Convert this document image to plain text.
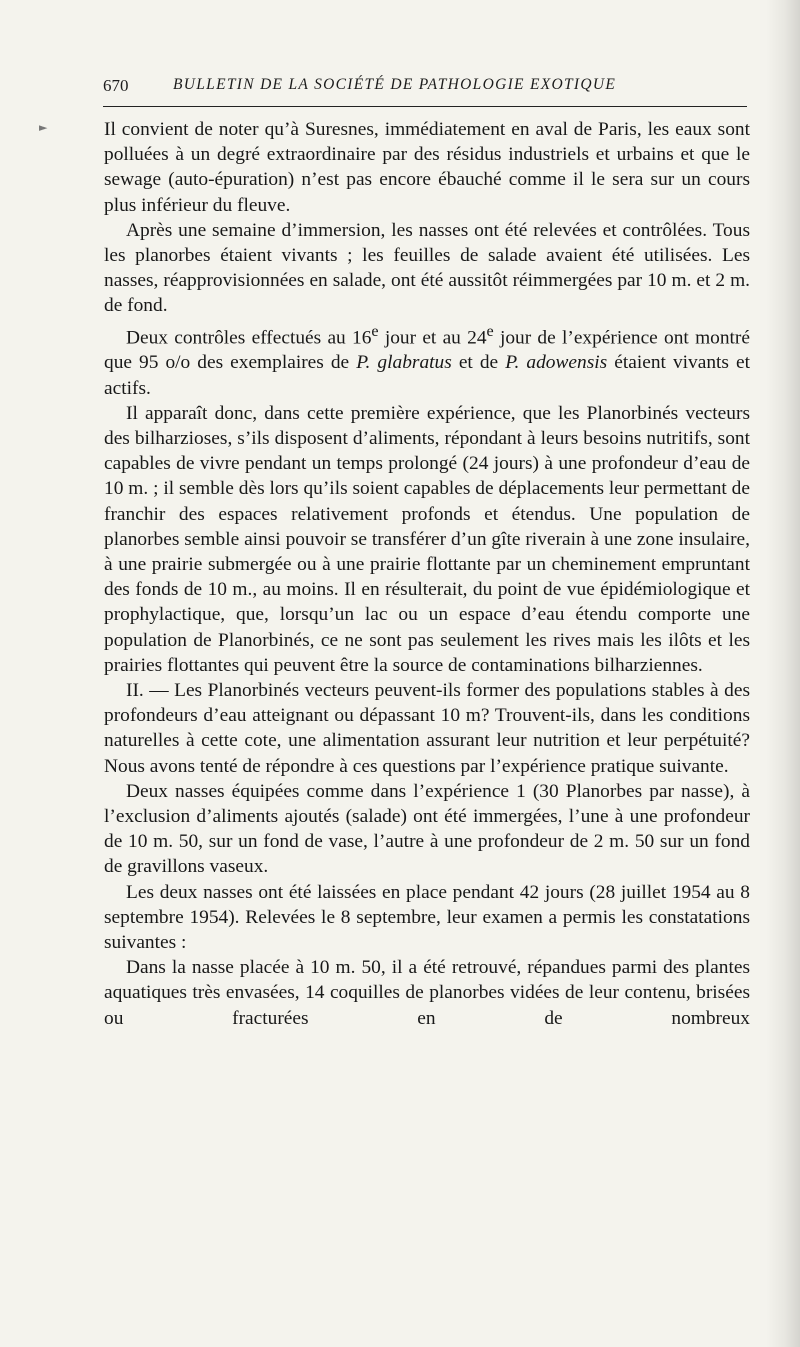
670	BULLETIN DE LA SOCIÉTÉ DE PATHOLOGIE EXOTIQUE
►	Il convient de noter qu’à Suresnes, immédiatement en aval de Paris, les eaux sont polluées à un degré extraordinaire par des résidus industriels et urbains et que le sewage (auto-épuration) n’est pas encore ébauché comme il le sera sur un cours plus inférieur du fleuve.

Après une semaine d’immersion, les nasses ont été relevées et contrôlées. Tous les planorbes étaient vivants ; les feuilles de salade avaient été utilisées. Les nasses, réapprovisionnées en salade, ont été aussitôt réimmergées par 10 m. et 2 m. de fond.

Deux contrôles effectués au 16e jour et au 24e jour de l’expérience ont montré que 95 o/o des exemplaires de P. glabratus et de P. adowensis étaient vivants et actifs.

Il apparaît donc, dans cette première expérience, que les Planorbinés vecteurs des bilharzioses, s’ils disposent d’aliments, répondant à leurs besoins nutritifs, sont capables de vivre pendant un temps prolongé (24 jours) à une profondeur d’eau de 10 m. ; il semble dès lors qu’ils soient capables de déplacements leur permettant de franchir des espaces relativement profonds et étendus. Une population de planorbes semble ainsi pouvoir se transférer d’un gîte riverain à une zone insulaire, à une prairie submergée ou à une prairie flottante par un cheminement empruntant des fonds de 10 m., au moins. Il en résulterait, du point de vue épidémiologique et prophylactique, que, lorsqu’un lac ou un espace d’eau étendu comporte une population de Planorbinés, ce ne sont pas seulement les rives mais les ilôts et les prairies flottantes qui peuvent être la source de contaminations bilharziennes.

II. — Les Planorbinés vecteurs peuvent-ils former des populations stables à des profondeurs d’eau atteignant ou dépassant 10 m? Trouvent-ils, dans les conditions naturelles à cette cote, une alimentation assurant leur nutrition et leur perpétuité? Nous avons tenté de répondre à ces questions par l’expérience pratique suivante.

Deux nasses équipées comme dans l’expérience 1 (30 Planorbes par nasse), à l’exclusion d’aliments ajoutés (salade) ont été immergées, l’une à une profondeur de 10 m. 50, sur un fond de vase, l’autre à une profondeur de 2 m. 50 sur un fond de gravillons vaseux.

Les deux nasses ont été laissées en place pendant 42 jours (28 juillet 1954 au 8 septembre 1954). Relevées le 8 septembre, leur examen a permis les constatations suivantes :

Dans la nasse placée à 10 m. 50, il a été retrouvé, répandues parmi des plantes aquatiques très envasées, 14 coquilles de planorbes vidées de leur contenu, brisées ou fracturées en de nombreux
